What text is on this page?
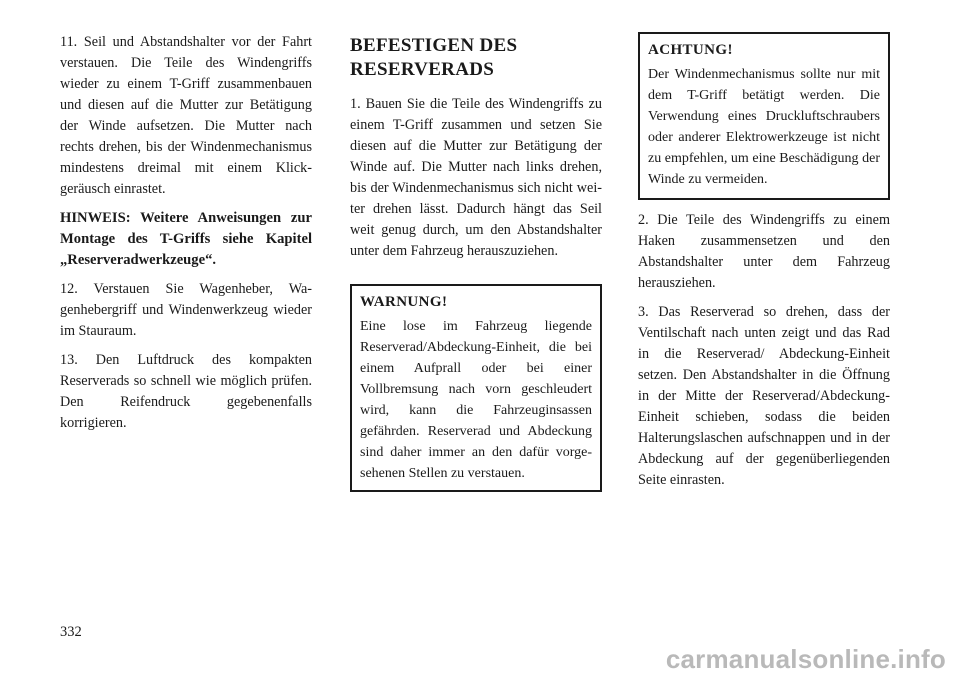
11. Seil und Abstandshalter vor der Fahrt verstauen. Die Teile des Windengriffs wieder zu einem T-Griff zusammenbauen und diesen auf die Mutter zur Betätigung der Winde aufsetzen. Die Mutter nach rechts drehen, bis der Windenmechanismus mindestens dreimal mit einem Klickgeräusch einrastet.

HINWEIS: Weitere Anweisungen zur Montage des T-Griffs siehe Kapitel „Reserveradwerkzeuge“.

12. Verstauen Sie Wagenheber, Wagenhebergriff und Windenwerkzeug wieder im Stauraum.

13. Den Luftdruck des kompakten Reserverads so schnell wie möglich prüfen. Den Reifendruck gegebenenfalls korrigieren.

BEFESTIGEN DES RESERVERADS

1. Bauen Sie die Teile des Windengriffs zu einem T-Griff zusammen und setzen Sie diesen auf die Mutter zur Betätigung der Winde auf. Die Mutter nach links drehen, bis der Windenmechanismus sich nicht weiter drehen lässt. Dadurch hängt das Seil weit genug durch, um den Abstandshalter unter dem Fahrzeug herauszuziehen.

WARNUNG!

Eine lose im Fahrzeug liegende Reserverad/Abdeckung-Einheit, die bei einem Aufprall oder bei einer Vollbremsung nach vorn geschleudert wird, kann die Fahrzeuginsassen gefährden. Reserverad und Abdeckung sind daher immer an den dafür vorgesehenen Stellen zu verstauen.

ACHTUNG!

Der Windenmechanismus sollte nur mit dem T-Griff betätigt werden. Die Verwendung eines Druckluftschraubers oder anderer Elektrowerkzeuge ist nicht zu empfehlen, um eine Beschädigung der Winde zu vermeiden.

2. Die Teile des Windengriffs zu einem Haken zusammensetzen und den Abstandshalter unter dem Fahrzeug herausziehen.

3. Das Reserverad so drehen, dass der Ventilschaft nach unten zeigt und das Rad in die Reserverad/ Abdeckung-Einheit setzen. Den Abstandshalter in die Öffnung in der Mitte der Reserverad/Abdeckung-Einheit schieben, sodass die beiden Halterungslaschen aufschnappen und in der Abdeckung auf der gegenüberliegenden Seite einrasten.

332
carmanualsonline.info
